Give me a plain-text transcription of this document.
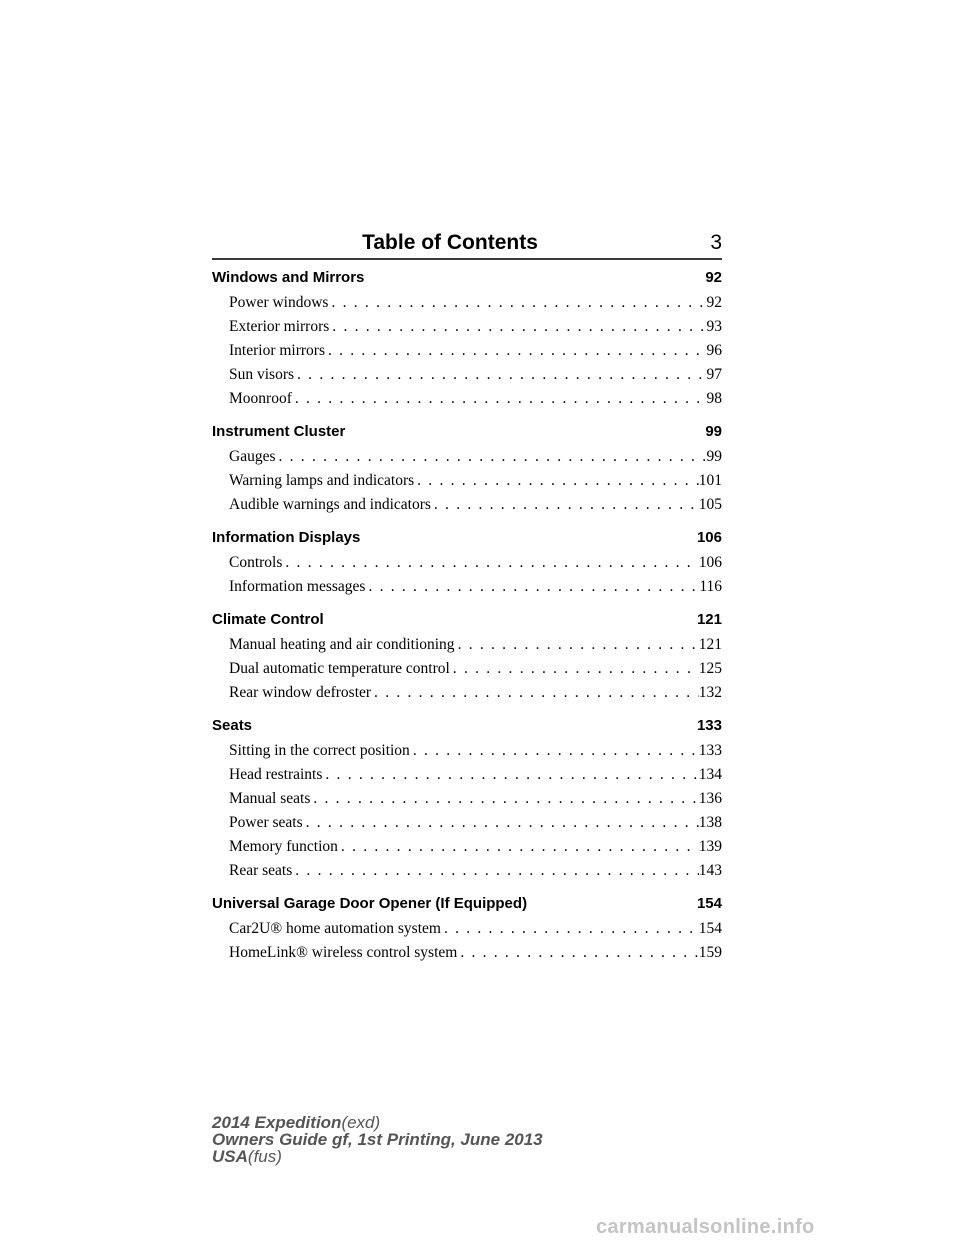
Table of Contents	3
Windows and Mirrors	92
Power windows . . .	92
Exterior mirrors . . .	93
Interior mirrors . . .	96
Sun visors . . .	97
Moonroof . . .	98
Instrument Cluster	99
Gauges . . .	99
Warning lamps and indicators . . .	101
Audible warnings and indicators . . .	105
Information Displays	106
Controls . . .	106
Information messages . . .	116
Climate Control	121
Manual heating and air conditioning . . .	121
Dual automatic temperature control . . .	125
Rear window defroster . . .	132
Seats	133
Sitting in the correct position . . .	133
Head restraints . . .	134
Manual seats . . .	136
Power seats . . .	138
Memory function . . .	139
Rear seats . . .	143
Universal Garage Door Opener (If Equipped)	154
Car2U® home automation system . . .	154
HomeLink® wireless control system . . .	159
2014 Expedition(exd)
Owners Guide gf, 1st Printing, June 2013
USA(fus)
carmanualsonline.info
